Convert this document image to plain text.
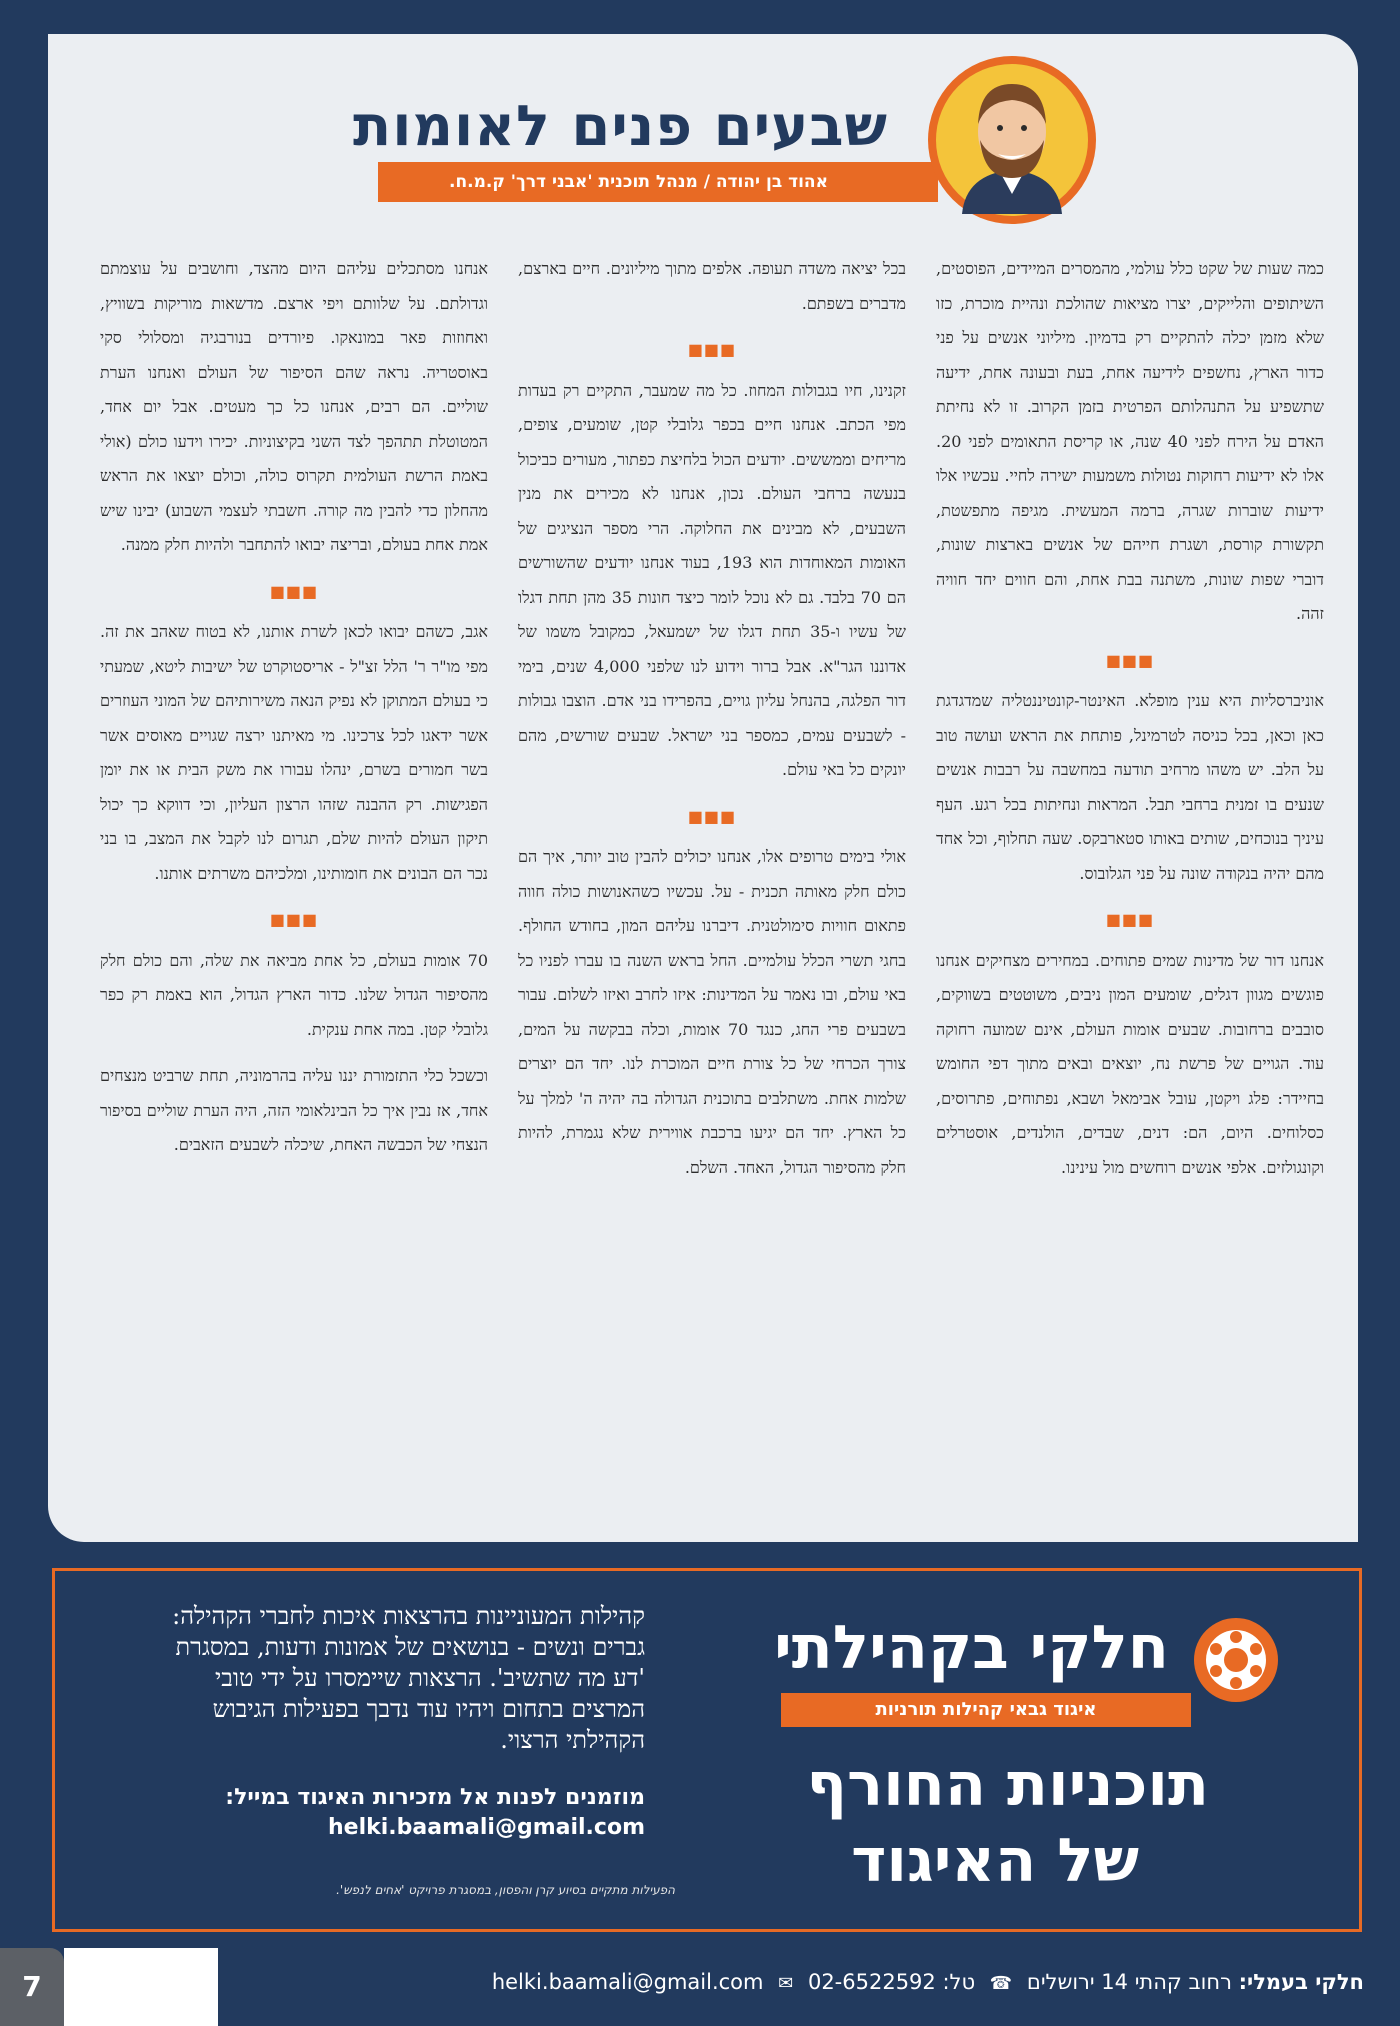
שבעים פנים לאומות
אהוד בן יהודה / מנהל תוכנית 'אבני דרך' ק.מ.ח.

כמה שעות של שקט כלל עולמי, מהמסרים המיידים, הפוסטים, השיתופים והלייקים, יצרו מציאות שהולכת ונהיית מוכרת, כזו שלא מזמן יכלה להתקיים רק בדמיון. מיליוני אנשים על פני כדור הארץ, נחשפים לידיעה אחת, בעת ובעונה אחת, ידיעה שתשפיע על התנהלותם הפרטית בזמן הקרוב. זו לא נחיתת האדם על הירח לפני 40 שנה, או קריסת התאומים לפני 20. אלו לא ידיעות רחוקות נטולות משמעות ישירה לחיי. עכשיו אלו ידיעות שוברות שגרה, ברמה המעשית. מגיפה מתפשטת, תקשורת קורסת, ושגרת חייהם של אנשים בארצות שונות, דוברי שפות שונות, משתנה בבת אחת, והם חווים יחד חוויה זהה.

■■■

אוניברסליות היא ענין מופלא. האינטר-קונטיננטליה שמדגדגת כאן וכאן, בכל כניסה לטרמינל, פותחת את הראש ועושה טוב על הלב. יש משהו מרחיב תודעה במחשבה על רבבות אנשים שנעים בו זמנית ברחבי תבל. המראות ונחיתות בכל רגע. העף עיניך בנוכחים, שותים באותו סטארבקס. שעה תחלוף, וכל אחד מהם יהיה בנקודה שונה על פני הגלובוס.

■■■

אנחנו דור של מדינות שמים פתוחים. במחירים מצחיקים אנחנו פוגשים מגוון דגלים, שומעים המון ניבים, משוטטים בשווקים, סובבים ברחובות. שבעים אומות העולם, אינם שמועה רחוקה עוד. הגויים של פרשת נח, יוצאים ובאים מתוך דפי החומש בחיידר: פלג ויקטן, עובל אבימאל ושבא, נפתוחים, פתרוסים, כסלוחים. היום, הם: דנים, שבדים, הולנדים, אוסטרלים וקונגולזים. אלפי אנשים רוחשים מול עינינו.

בכל יציאה משדה תעופה. אלפים מתוך מיליונים. חיים בארצם, מדברים בשפתם.

■■■

זקנינו, חיו בגבולות המחוז. כל מה שמעבר, התקיים רק בעדות מפי הכתב. אנחנו חיים בכפר גלובלי קטן, שומעים, צופים, מריחים וממששים. יודעים הכול בלחיצת כפתור, מעורים כביכול בנעשה ברחבי העולם. נכון, אנחנו לא מכירים את מנין השבעים, לא מבינים את החלוקה. הרי מספר הנציגים של האומות המאוחדות הוא 193, בעוד אנחנו יודעים שהשורשים הם 70 בלבד. גם לא נוכל לומר כיצד חונות 35 מהן תחת דגלו של עשיו ו-35 תחת דגלו של ישמעאל, כמקובל משמו של אדוננו הגר"א. אבל ברור וידוע לנו שלפני 4,000 שנים, בימי דור הפלגה, בהנחל עליון גויים, בהפרידו בני אדם. הוצבו גבולות - לשבעים עמים, כמספר בני ישראל. שבעים שורשים, מהם יונקים כל באי עולם.

■■■

אולי בימים טרופים אלו, אנחנו יכולים להבין טוב יותר, איך הם כולם חלק מאותה תכנית - על. עכשיו כשהאנושות כולה חווה פתאום חוויות סימולטנית. דיברנו עליהם המון, בחודש החולף. בחגי תשרי הכלל עולמיים. החל בראש השנה בו עברו לפניו כל באי עולם, ובו נאמר על המדינות: איזו לחרב ואיזו לשלום. עבור בשבעים פרי החג, כנגד 70 אומות, וכלה בבקשה על המים, צורך הכרחי של כל צורת חיים המוכרת לנו. יחד הם יוצרים שלמות אחת. משתלבים בתוכנית הגדולה בה יהיה ה' למלך על כל הארץ. יחד הם יגיעו ברכבת אווירית שלא נגמרת, להיות חלק מהסיפור הגדול, האחד. השלם.

אנחנו מסתכלים עליהם היום מהצד, וחושבים על עוצמתם וגדולתם. על שלוותם ויפי ארצם. מדשאות מוריקות בשוויץ, ואחוזות פאר במונאקו. פיורדים בנורבגיה ומסלולי סקי באוסטריה. נראה שהם הסיפור של העולם ואנחנו הערת שוליים. הם רבים, אנחנו כל כך מעטים. אבל יום אחד, המטוטלת תתהפך לצד השני בקיצוניות. יכירו וידעו כולם (אולי באמת הרשת העולמית תקרוס כולה, וכולם יוצאו את הראש מהחלון כדי להבין מה קורה. חשבתי לעצמי השבוע) יבינו שיש אמת אחת בעולם, ובריצה יבואו להתחבר ולהיות חלק ממנה.

■■■

אגב, כשהם יבואו לכאן לשרת אותנו, לא בטוח שאהב את זה. מפי מו"ר ר' הלל זצ"ל - אריסטוקרט של ישיבות ליטא, שמעתי כי בעולם המתוקן לא נפיק הנאה משירותיהם של המוני העוזרים אשר ידאגו לכל צרכינו. מי מאיתנו ירצה שגויים מאוסים אשר בשר חמורים בשרם, ינהלו עבורו את משק הבית או את יומן הפגישות. רק ההבנה שזהו הרצון העליון, וכי דווקא כך יכול תיקון העולם להיות שלם, תגרום לנו לקבל את המצב, בו בני נכר הם הבונים את חומותינו, ומלכיהם משרתים אותנו.

■■■

70 אומות בעולם, כל אחת מביאה את שלה, והם כולם חלק מהסיפור הגדול שלנו. כדור הארץ הגדול, הוא באמת רק כפר גלובלי קטן. במה אחת ענקית.

וכשכל כלי התזמורת יננו עליה בהרמוניה, תחת שרביט מנצחים אחד, אז נבין איך כל הבינלאומי הזה, היה הערת שוליים בסיפור הנצחי של הכבשה האחת, שיכלה לשבעים הזאבים.

חלקי בקהילתי
איגוד גבאי קהילות תורניות
תוכניות החורף
של האיגוד
קהילות המעוניינות בהרצאות איכות לחברי הקהילה: גברים ונשים - בנושאים של אמונות ודעות, במסגרת 'דע מה שתשיב'. הרצאות שיימסרו על ידי טובי המרצים בתחום ויהיו עוד נדבך בפעילות הגיבוש הקהילתי הרצוי.
מוזמנים לפנות אל מזכירות האיגוד במייל:
helki.baamali@gmail.com
הפעילות מתקיים בסיוע קרן והפסון, במסגרת פרויקט 'אחים לנפש'.
7	חלקי בעמלי: רחוב קהתי 14 ירושלים ☎ טל: 02-6522592 ✉ helki.baamali@gmail.com
